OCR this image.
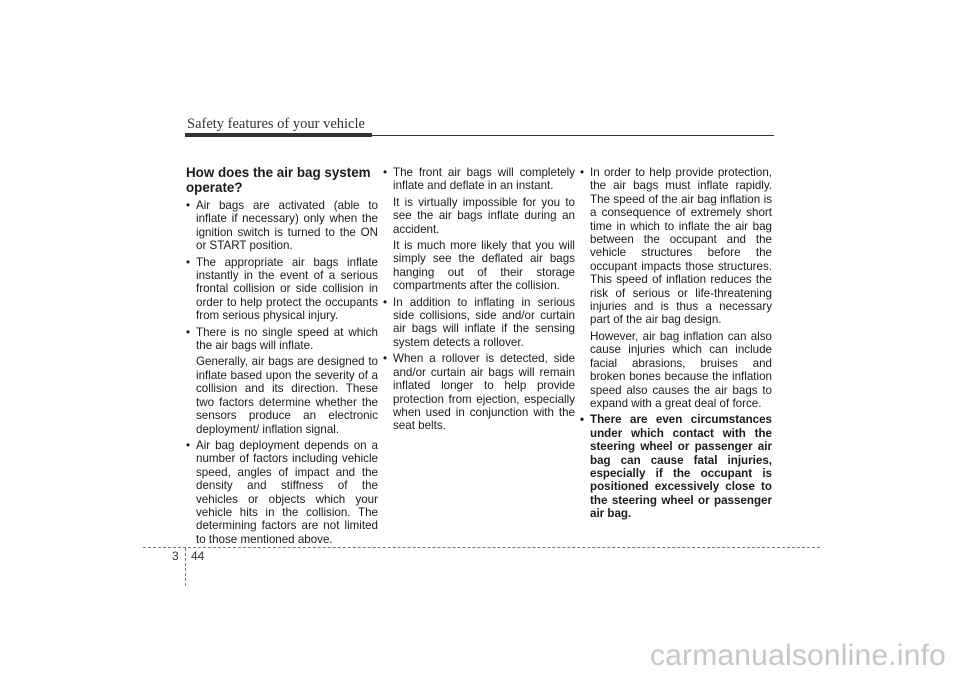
Safety features of your vehicle
How does the air bag system operate?
• Air bags are activated (able to inflate if necessary) only when the ignition switch is turned to the ON or START position.
• The appropriate air bags inflate instantly in the event of a serious frontal collision or side collision in order to help protect the occupants from serious physical injury.
• There is no single speed at which the air bags will inflate.
Generally, air bags are designed to inflate based upon the severity of a collision and its direction. These two factors determine whether the sensors produce an electronic deployment/ inflation signal.
• Air bag deployment depends on a number of factors including vehicle speed, angles of impact and the density and stiffness of the vehicles or objects which your vehicle hits in the collision. The determining factors are not limited to those mentioned above.
• The front air bags will completely inflate and deflate in an instant.
It is virtually impossible for you to see the air bags inflate during an accident.
It is much more likely that you will simply see the deflated air bags hanging out of their storage compartments after the collision.
• In addition to inflating in serious side collisions, side and/or curtain air bags will inflate if the sensing system detects a rollover.
• When a rollover is detected, side and/or curtain air bags will remain inflated longer to help provide protection from ejection, especially when used in conjunction with the seat belts.
• In order to help provide protection, the air bags must inflate rapidly. The speed of the air bag inflation is a consequence of extremely short time in which to inflate the air bag between the occupant and the vehicle structures before the occupant impacts those structures. This speed of inflation reduces the risk of serious or life-threatening injuries and is thus a necessary part of the air bag design.
However, air bag inflation can also cause injuries which can include facial abrasions, bruises and broken bones because the inflation speed also causes the air bags to expand with a great deal of force.
• There are even circumstances under which contact with the steering wheel or passenger air bag can cause fatal injuries, especially if the occupant is positioned excessively close to the steering wheel or passenger air bag.
3 44
carmanualsonline.info
